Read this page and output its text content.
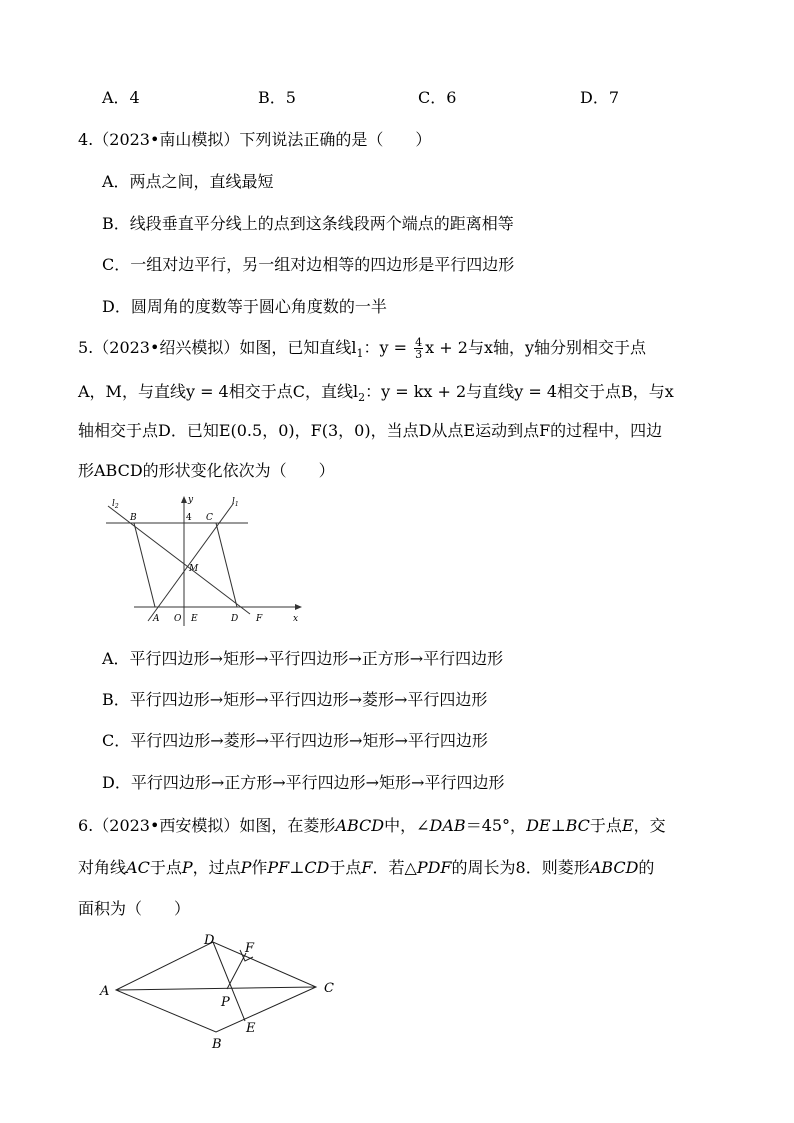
A．4	B．5	C．6	D．7
4.（2023•南山模拟）下列说法正确的是（　　）
A．两点之间，直线最短
B．线段垂直平分线上的点到这条线段两个端点的距离相等
C．一组对边平行，另一组对边相等的四边形是平行四边形
D．圆周角的度数等于圆心角度数的一半
5.（2023•绍兴模拟）如图，已知直线$l_1$：$y = \frac{4}{3}$ x + 2与x轴，y轴分别相交于点
A，M，与直线y = 4相交于点C，直线$l_2$：y = kx + 2与直线y = 4相交于点B，与x
轴相交于点D．已知E(0.5，0)，F(3，0)，当点D从点E运动到点F的过程中，四边
形ABCD的形状变化依次为（　　）
$l_2$	$l_1$
y
4
B	C
M
A O E	D F	x
A．平行四边形→矩形→平行四边形→正方形→平行四边形
B．平行四边形→矩形→平行四边形→菱形→平行四边形
C．平行四边形→菱形→平行四边形→矩形→平行四边形
D．平行四边形→正方形→平行四边形→矩形→平行四边形
6.（2023•西安模拟）如图，在菱形ABCD中，∠DAB＝45°，DE⊥BC于点E，交
对角线AC于点P，过点P作PF⊥CD于点F．若△PDF的周长为8．则菱形ABCD的
面积为（　　）
A
D
F
C
P
E
B
